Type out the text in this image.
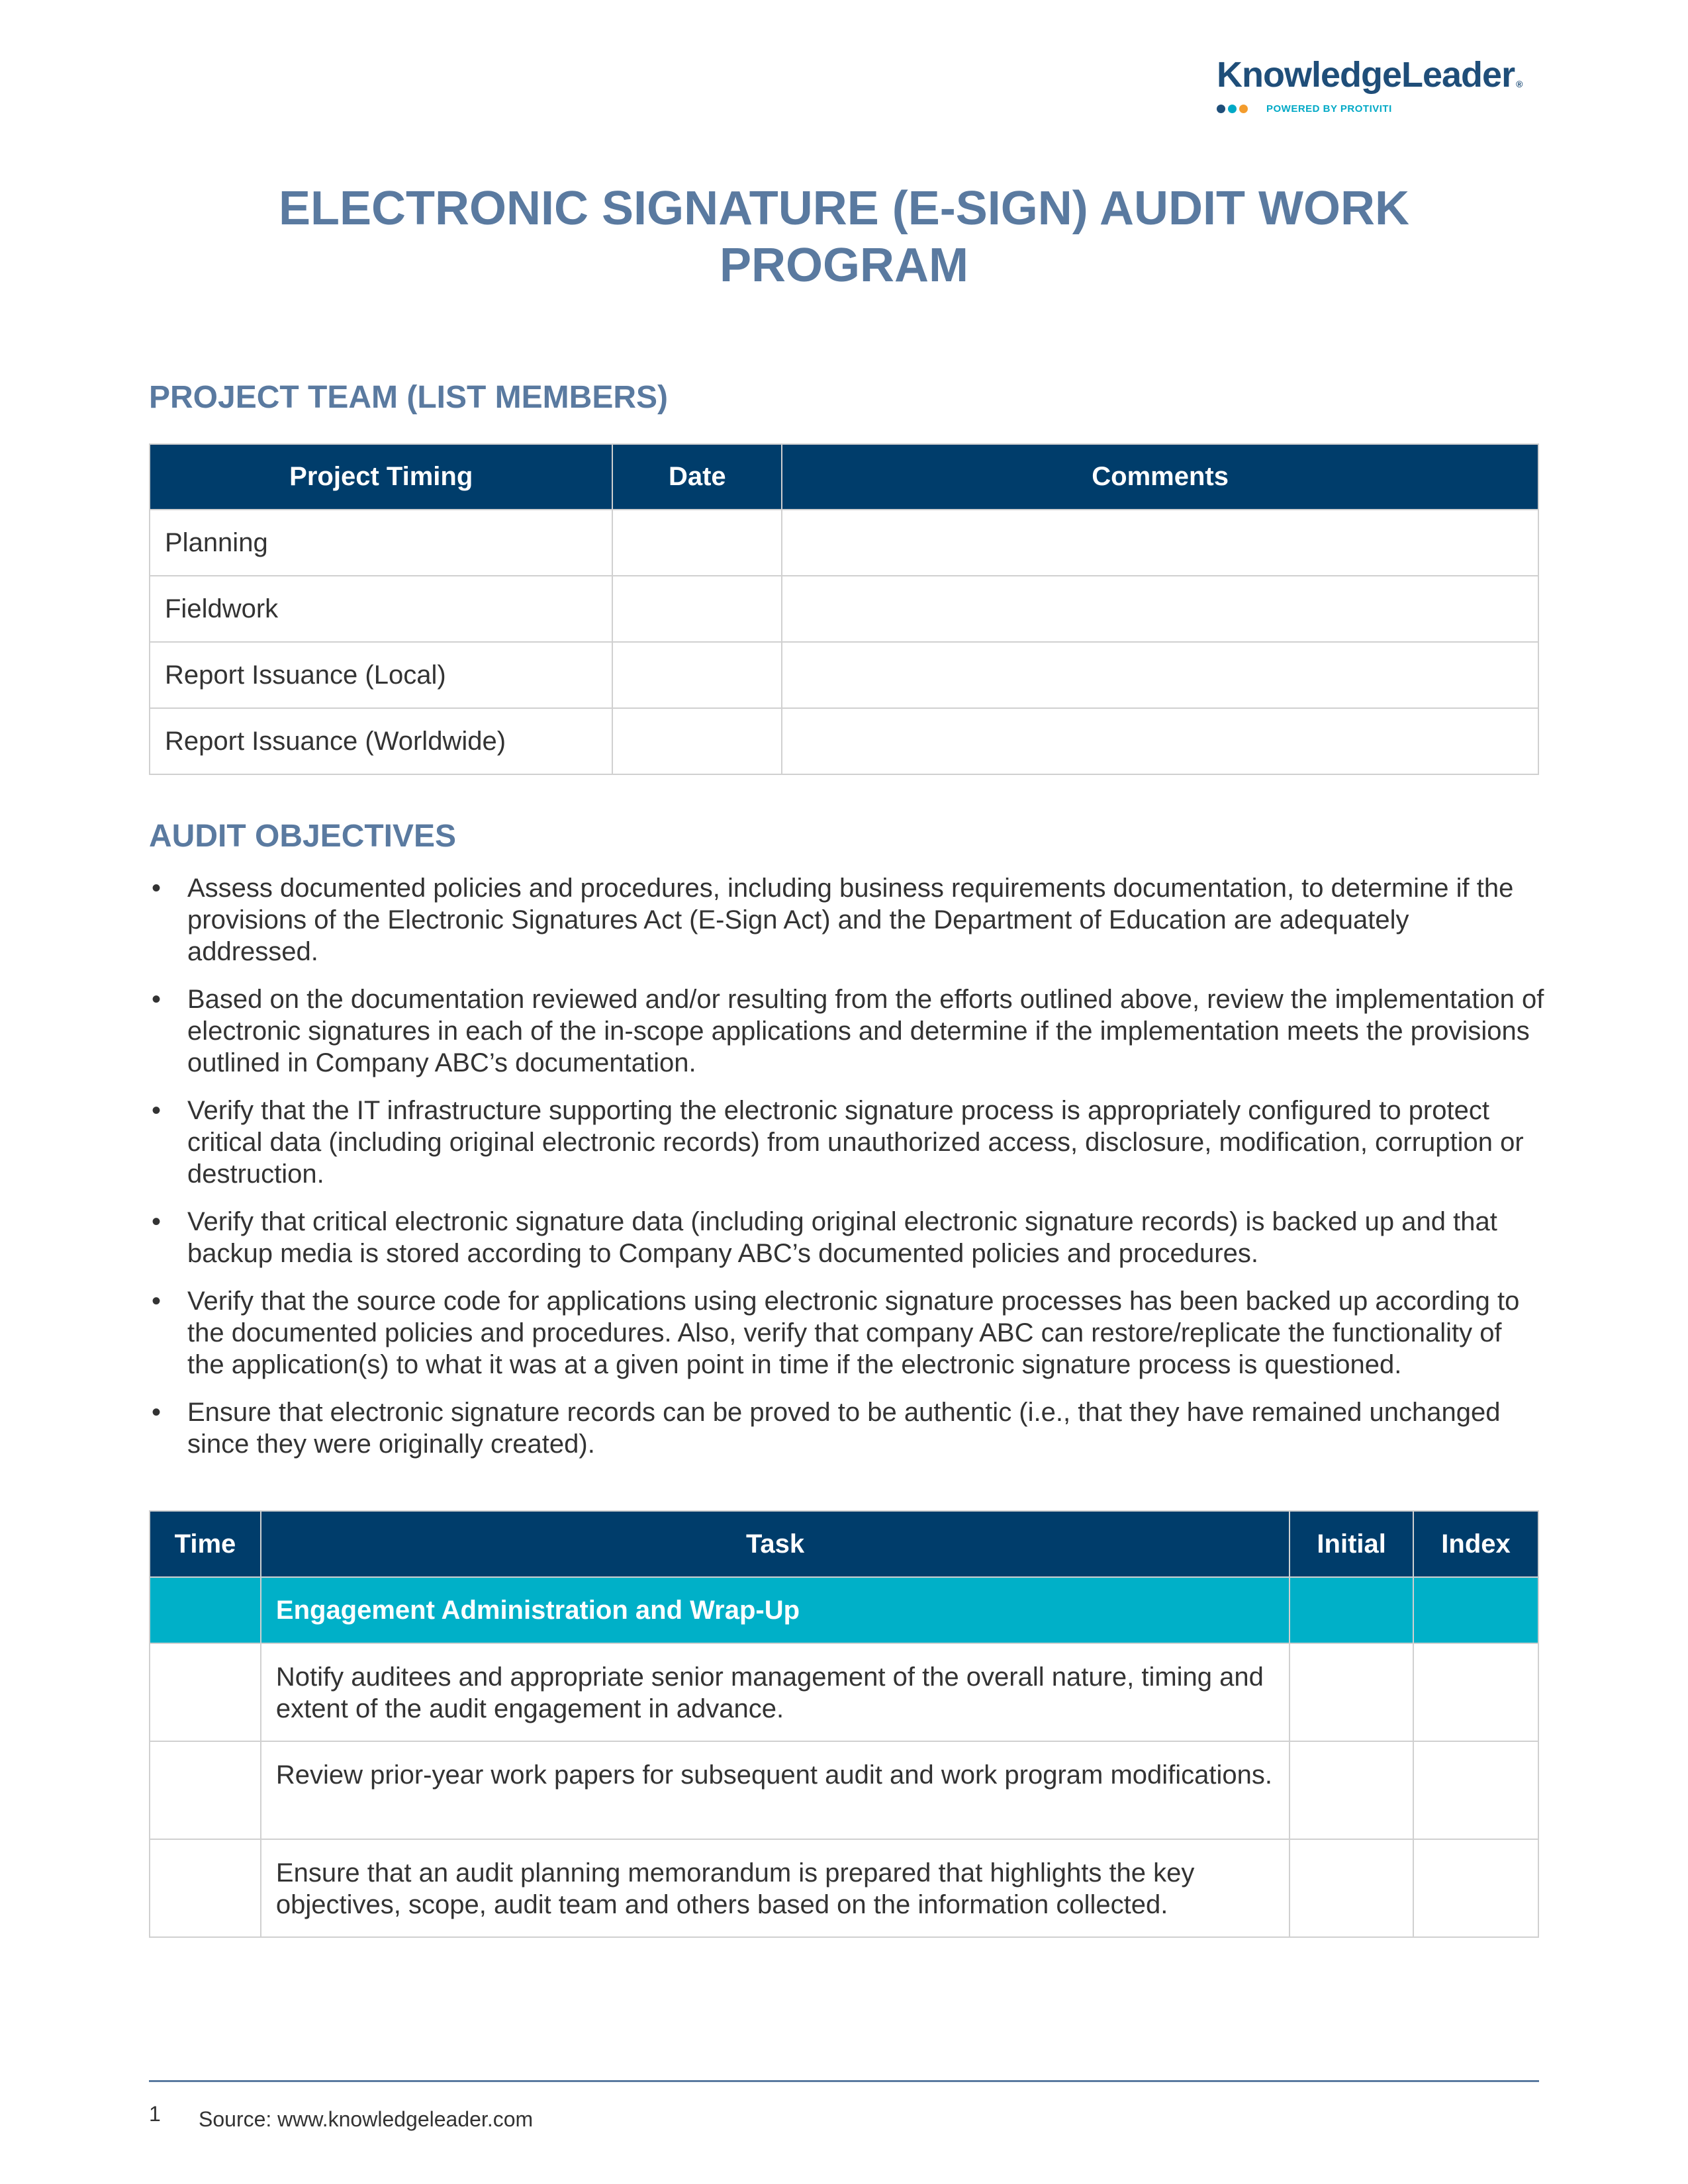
KnowledgeLeader ®
POWERED BY PROTIVITI
ELECTRONIC SIGNATURE (E-SIGN) AUDIT WORK
PROGRAM
PROJECT TEAM (LIST MEMBERS)
Project Timing	Date	Comments
Planning		
Fieldwork		
Report Issuance (Local)		
Report Issuance (Worldwide)		
AUDIT OBJECTIVES
• Assess documented policies and procedures, including business requirements documentation, to determine if the provisions of the Electronic Signatures Act (E-Sign Act) and the Department of Education are adequately addressed.
• Based on the documentation reviewed and/or resulting from the efforts outlined above, review the implementation of electronic signatures in each of the in-scope applications and determine if the implementation meets the provisions outlined in Company ABC’s documentation.
• Verify that the IT infrastructure supporting the electronic signature process is appropriately configured to protect critical data (including original electronic records) from unauthorized access, disclosure, modification, corruption or destruction.
• Verify that critical electronic signature data (including original electronic signature records) is backed up and that backup media is stored according to Company ABC’s documented policies and procedures.
• Verify that the source code for applications using electronic signature processes has been backed up according to the documented policies and procedures. Also, verify that company ABC can restore/replicate the functionality of the application(s) to what it was at a given point in time if the electronic signature process is questioned.
• Ensure that electronic signature records can be proved to be authentic (i.e., that they have remained unchanged since they were originally created).
Time	Task	Initial	Index
	Engagement Administration and Wrap-Up		
	Notify auditees and appropriate senior management of the overall nature, timing and extent of the audit engagement in advance.		
	Review prior-year work papers for subsequent audit and work program modifications.		
	Ensure that an audit planning memorandum is prepared that highlights the key objectives, scope, audit team and others based on the information collected.		
1 Source: www.knowledgeleader.com
